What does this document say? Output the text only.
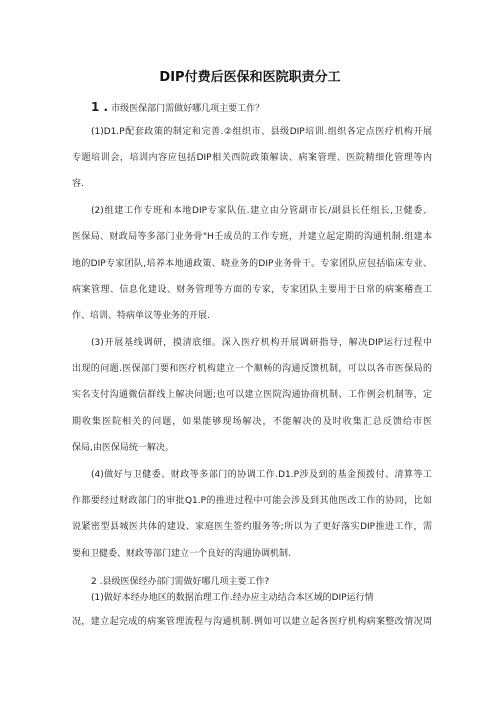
DIP付费后医保和医院职责分工
1 . 市级医保部门需做好哪几项主要工作？
(1)D1.P配套政策的制定和完善.②组织市、县级DIP培训.组织各定点医疗机构开展
专题培训会，培训内容应包括DIP相关西院政策解读、病案管理、医院精细化管理等内
容.
(2)组建工作专班和本地DIP专家队伍.建立由分管副市长/副县长任组长,卫健委、
医保局、财政局等多部门业务骨"H壬成员的工作专班，并建立起定期的沟通机制.组建本
地的DIP专家团队,培养本地通政策、晓业务的DIP业务骨干。专家团队应包括临床专业、
病案管理、信息化建设、财务管理等方面的专家，专家团队主要用于日常的病案稽查工
作、培训、特病单议等业务的开展.
(3)开展基线调研，摸清底细。深入医疗机构开展调研指导，解决DIP运行过程中
出现的问题.医保部门要和医疗机构建立一个顺畅的沟通反馈机制，可以以各市医保局的
实名支付沟通微信群线上解决问题;也可以建立医院沟通协商机制、工作例会机制等，定
期收集医院相关的问题，如果能够现场解决，不能解决的及时收集汇总反馈给市医
保局,由医保局统一解决。
(4)做好与卫健委、财政等多部门的协调工作.D1.P涉及到的基金预拨付、清算等工
作都要经过财政部门的审批Q1.P的推进过程中可能会涉及到其他医改工作的协同，比如
说紧密型县城医共体的建设、家庭医生签约服务等;所以为了更好落实DIP推进工作，需
要和卫健委、财政等部门建立一个良好的沟通协调机制.
2 .县级医保经办部门需做好哪几项主要工作?
(1)做好本经办地区的数据治理工作.经办应主动结合本区域的DIP运行情
况，建立起完成的病案管理流程与沟通机制.例如可以建立起各医疗机构病案整改情况周
